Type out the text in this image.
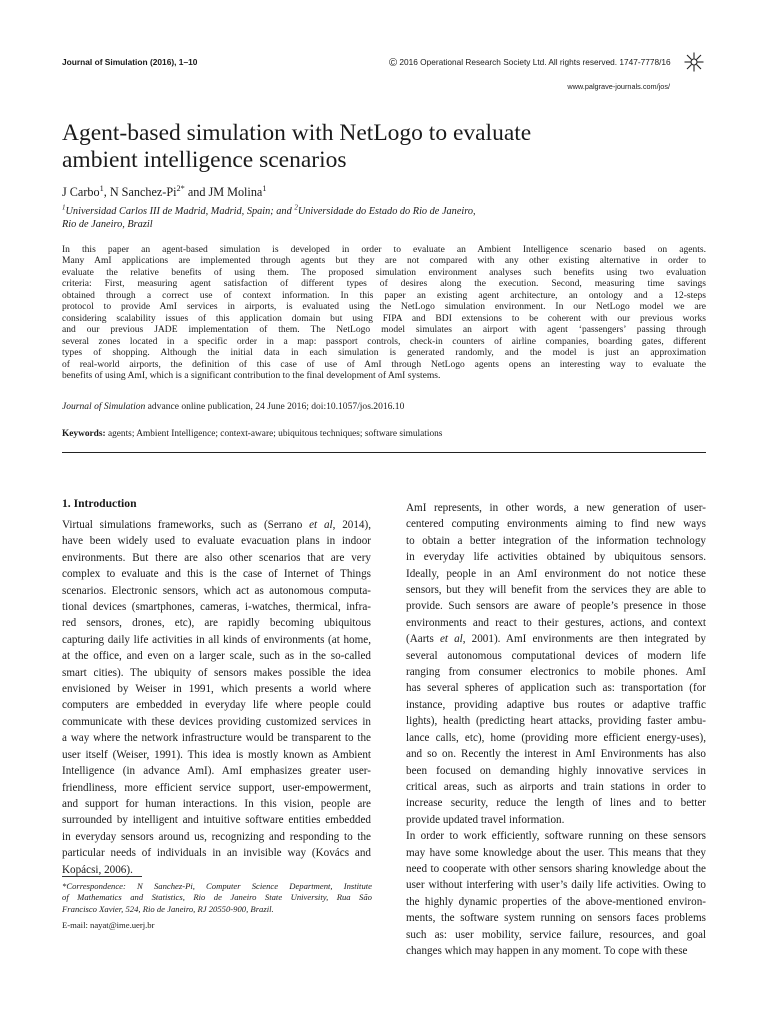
Journal of Simulation (2016), 1–10	© 2016 Operational Research Society Ltd. All rights reserved. 1747-7778/16
www.palgrave-journals.com/jos/
Agent-based simulation with NetLogo to evaluate
ambient intelligence scenarios
J Carbo$^1$, N Sanchez-$Pi^{2*}$ and JM Molina$^1$
$^1$Universidad Carlos III de Madrid, Madrid, Spain; and $^2$Universidade do Estado do Rio de Janeiro,
Rio de Janeiro, Brazil

In this paper an agent-based simulation is developed in order to evaluate an Ambient Intelligence scenario based on agents.
Many AmI applications are implemented through agents but they are not compared with any other existing alternative in order to
evaluate the relative benefits of using them. The proposed simulation environment analyses such benefits using two evaluation
criteria: First, measuring agent satisfaction of different types of desires along the execution. Second, measuring time savings
obtained through a correct use of context information. In this paper an existing agent architecture, an ontology and a 12-steps
protocol to provide AmI services in airports, is evaluated using the NetLogo simulation environment. In our NetLogo model we are
considering scalability issues of this application domain but using FIPA and BDI extensions to be coherent with our previous works
and our previous JADE implementation of them. The NetLogo model simulates an airport with agent ‘passengers’ passing through
several zones located in a specific order in a map: passport controls, check-in counters of airline companies, boarding gates, different
types of shopping. Although the initial data in each simulation is generated randomly, and the model is just an approximation
of real-world airports, the definition of this case of use of AmI through NetLogo agents opens an interesting way to evaluate the
benefits of using AmI, which is a significant contribution to the final development of AmI systems.

Journal of Simulation advance online publication, 24 June 2016; doi:10.1057/jos.2016.10
Keywords: agents; Ambient Intelligence; context-aware; ubiquitous techniques; software simulations
1. Introduction
Virtual simulations frameworks, such as (Serrano et al, 2014),
have been widely used to evaluate evacuation plans in indoor
environments. But there are also other scenarios that are very
complex to evaluate and this is the case of Internet of Things
scenarios. Electronic sensors, which act as autonomous computa-
tional devices (smartphones, cameras, i-watches, thermical, infra-
red sensors, drones, etc), are rapidly becoming ubiquitous
capturing daily life activities in all kinds of environments (at home,
at the office, and even on a larger scale, such as in the so-called
smart cities). The ubiquity of sensors makes possible the idea
envisioned by Weiser in 1991, which presents a world where
computers are embedded in everyday life where people could
communicate with these devices providing customized services in
a way where the network infrastructure would be transparent to the
user itself (Weiser, 1991). This idea is mostly known as Ambient
Intelligence (in advance AmI). AmI emphasizes greater user-
friendliness, more efficient service support, user-empowerment,
and support for human interactions. In this vision, people are
surrounded by intelligent and intuitive software entities embedded
in everyday sensors around us, recognizing and responding to the
particular needs of individuals in an invisible way (Kovács and
Kopácsi, 2006).

AmI represents, in other words, a new generation of user-
centered computing environments aiming to find new ways
to obtain a better integration of the information technology
in everyday life activities obtained by ubiquitous sensors.
Ideally, people in an AmI environment do not notice these
sensors, but they will benefit from the services they are able to
provide. Such sensors are aware of people’s presence in those
environments and react to their gestures, actions, and context
(Aarts et al, 2001). AmI environments are then integrated by
several autonomous computational devices of modern life
ranging from consumer electronics to mobile phones. AmI
has several spheres of application such as: transportation (for
instance, providing adaptive bus routes or adaptive traffic
lights), health (predicting heart attacks, providing faster ambu-
lance calls, etc), home (providing more efficient energy-uses),
and so on. Recently the interest in AmI Environments has also
been focused on demanding highly innovative services in
critical areas, such as airports and train stations in order to
increase security, reduce the length of lines and to better
provide updated travel information.

In order to work efficiently, software running on these sensors
may have some knowledge about the user. This means that they
need to cooperate with other sensors sharing knowledge about the
user without interfering with user’s daily life activities. Owing to
the highly dynamic properties of the above-mentioned environ-
ments, the software system running on sensors faces problems
such as: user mobility, service failure, resources, and goal
changes which may happen in any moment. To cope with these

*Correspondence: N Sanchez-Pi, Computer Science Department, Institute
of Mathematics and Statistics, Rio de Janeiro State University, Rua São
Francisco Xavier, 524, Rio de Janeiro, RJ 20550-900, Brazil.
E-mail: nayat@ime.uerj.br
